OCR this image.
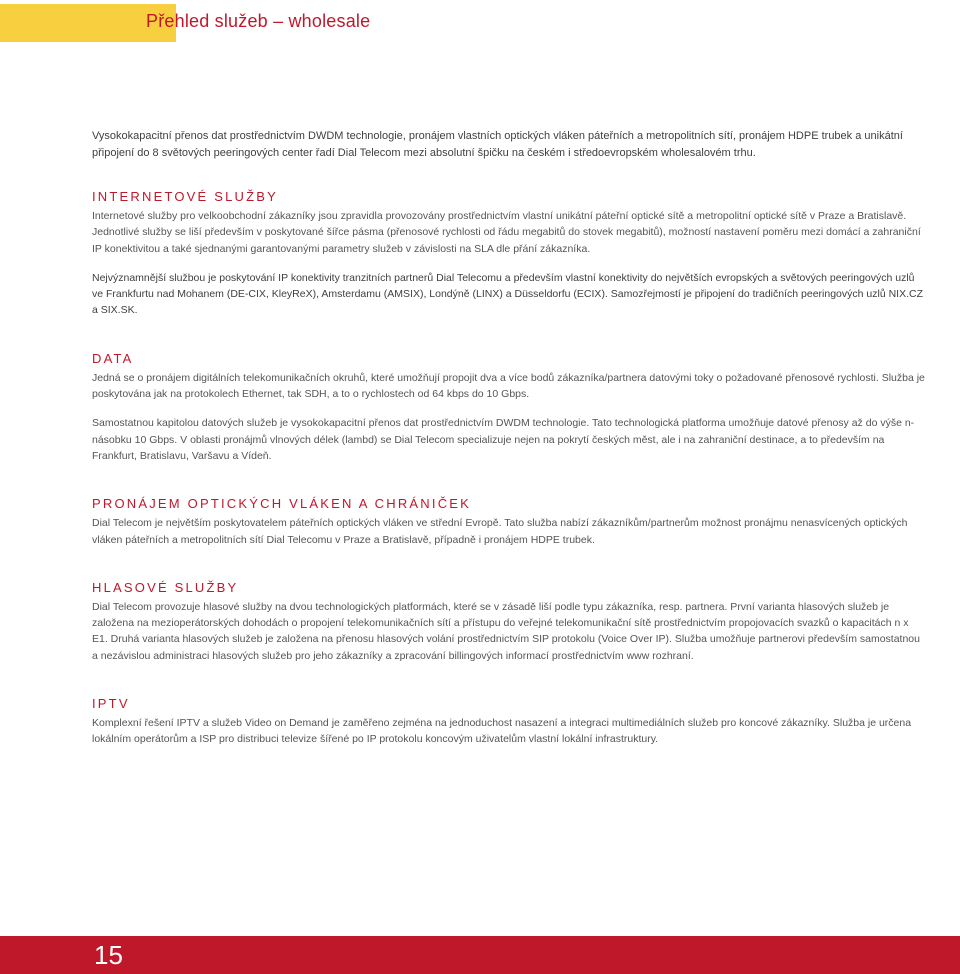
Přehled služeb – wholesale

Vysokokapacitní přenos dat prostřednictvím DWDM technologie, pronájem vlastních optických vláken páteřních a metropolitních sítí, pronájem HDPE trubek a unikátní připojení do 8 světových peeringových center řadí Dial Telecom mezi absolutní špičku na českém i středoevropském wholesalovém trhu.

INTERNETOVÉ SLUŽBY

Internetové služby pro velkoobchodní zákazníky jsou zpravidla provozovány prostřednictvím vlastní unikátní páteřní optické sítě a metropolitní optické sítě v Praze a Bratislavě. Jednotlivé služby se liší především v poskytované šířce pásma (přenosové rychlosti od řádu megabitů do stovek megabitů), možností nastavení poměru mezi domácí a zahraniční IP konektivitou a také sjednanými garantovanými parametry služeb v závislosti na SLA dle přání zákazníka.

Nejvýznamnější službou je poskytování IP konektivity tranzitních partnerů Dial Telecomu a především vlastní konektivity do největších evropských a světových peeringových uzlů ve Frankfurtu nad Mohanem (DE-CIX, KleyReX), Amsterdamu (AMSIX), Londýně (LINX) a Düsseldorfu (ECIX). Samozřejmostí je připojení do tradičních peeringových uzlů NIX.CZ a SIX.SK.

DATA

Jedná se o pronájem digitálních telekomunikačních okruhů, které umožňují propojit dva a více bodů zákazníka/partnera datovými toky o požadované přenosové rychlosti. Služba je poskytována jak na protokolech Ethernet, tak SDH, a to o rychlostech od 64 kbps do 10 Gbps.

Samostatnou kapitolou datových služeb je vysokokapacitní přenos dat prostřednictvím DWDM technologie. Tato technologická platforma umožňuje datové přenosy až do výše n-násobku 10 Gbps. V oblasti pronájmů vlnových délek (lambd) se Dial Telecom specializuje nejen na pokrytí českých měst, ale i na zahraniční destinace, a to především na Frankfurt, Bratislavu, Varšavu a Vídeň.

PRONÁJEM OPTICKÝCH VLÁKEN A CHRÁNIČEK

Dial Telecom je největším poskytovatelem páteřních optických vláken ve střední Evropě. Tato služba nabízí zákazníkům/partnerům možnost pronájmu nenasvícených optických vláken páteřních a metropolitních sítí Dial Telecomu v Praze a Bratislavě, případně i pronájem HDPE trubek.

HLASOVÉ SLUŽBY

Dial Telecom provozuje hlasové služby na dvou technologických platformách, které se v zásadě liší podle typu zákazníka, resp. partnera. První varianta hlasových služeb je založena na mezioperátorských dohodách o propojení telekomunikačních sítí a přístupu do veřejné telekomunikační sítě prostřednictvím propojovacích svazků o kapacitách n x E1. Druhá varianta hlasových služeb je založena na přenosu hlasových volání prostřednictvím SIP protokolu (Voice Over IP). Služba umožňuje partnerovi především samostatnou a nezávislou administraci hlasových služeb pro jeho zákazníky a zpracování billingových informací prostřednictvím www rozhraní.

IPTV

Komplexní řešení IPTV a služeb Video on Demand je zaměřeno zejména na jednoduchost nasazení a integraci multimediálních služeb pro koncové zákazníky. Služba je určena lokálním operátorům a ISP pro distribuci televize šířené po IP protokolu koncovým uživatelům vlastní lokální infrastruktury.

15
